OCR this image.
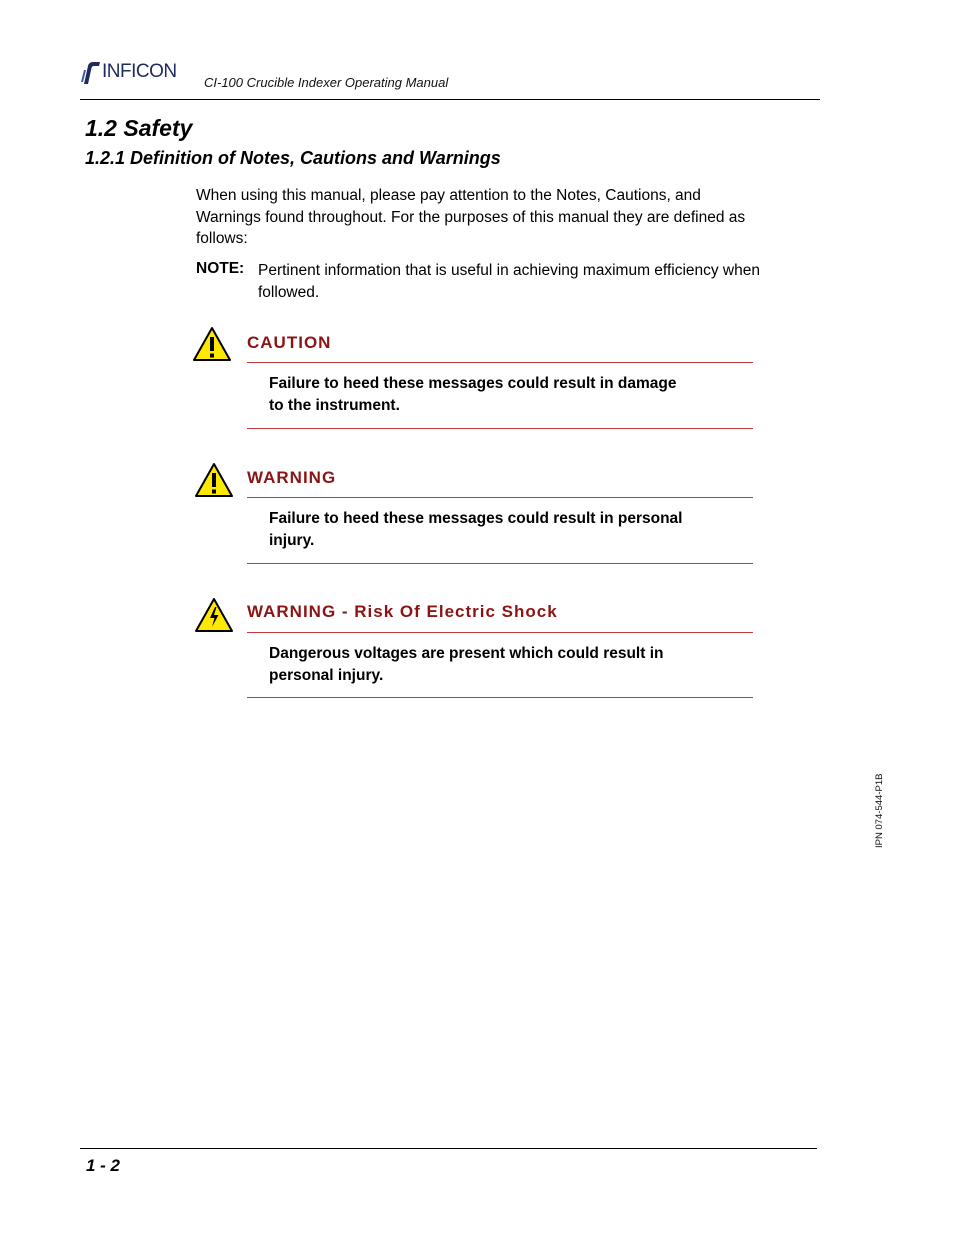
INFICON
CI-100 Crucible Indexer Operating Manual
1.2 Safety
1.2.1 Definition of Notes, Cautions and Warnings
When using this manual, please pay attention to the Notes, Cautions, and
Warnings found throughout. For the purposes of this manual they are defined as
follows:
NOTE: Pertinent information that is useful in achieving maximum efficiency when
followed.
CAUTION
Failure to heed these messages could result in damage
to the instrument.
WARNING
Failure to heed these messages could result in personal
injury.
WARNING - Risk Of Electric Shock
Dangerous voltages are present which could result in
personal injury.
IPN 074-544-P1B
1 - 2
